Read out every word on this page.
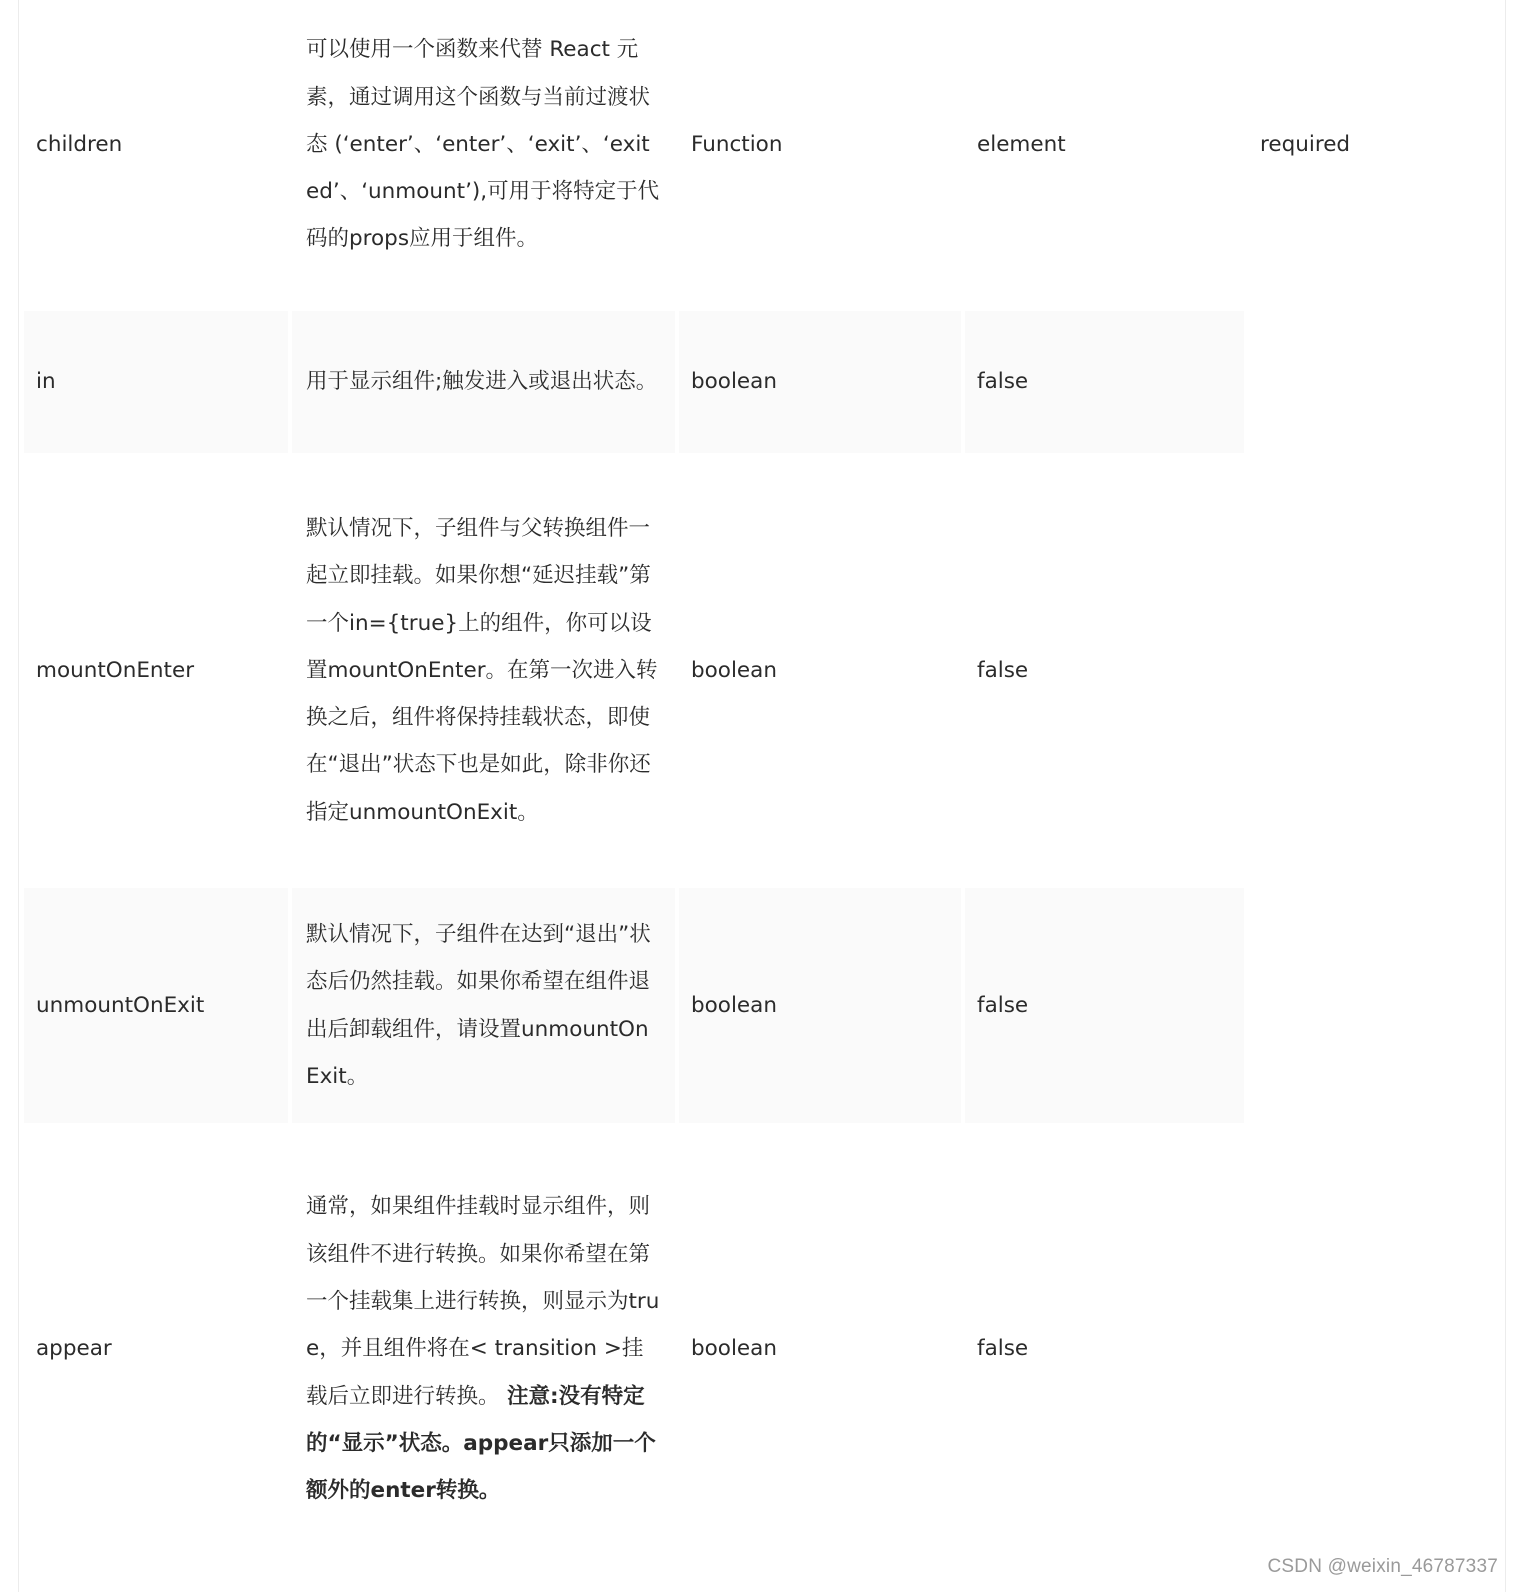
children	可以使用一个函数来代替 React 元素，通过调用这个函数与当前过渡状态 (‘enter’、‘enter’、‘exit’、‘exited’、‘unmount’),可用于将特定于代码的props应用于组件。	Function	element	required
in	用于显示组件;触发进入或退出状态。	boolean	false	
mountOnEnter	默认情况下，子组件与父转换组件一起立即挂载。如果你想“延迟挂载”第一个in={true}上的组件，你可以设置mountOnEnter。在第一次进入转换之后，组件将保持挂载状态，即使在“退出”状态下也是如此，除非你还指定unmountOnExit。	boolean	false	
unmountOnExit	默认情况下，子组件在达到“退出”状态后仍然挂载。如果你希望在组件退出后卸载组件，请设置unmountOnExit。	boolean	false	
appear	通常，如果组件挂载时显示组件，则该组件不进行转换。如果你希望在第一个挂载集上进行转换，则显示为true，并且组件将在< transition >挂载后立即进行转换。 注意:没有特定的“显示”状态。appear只添加一个额外的enter转换。	boolean	false	
CSDN @weixin_46787337
